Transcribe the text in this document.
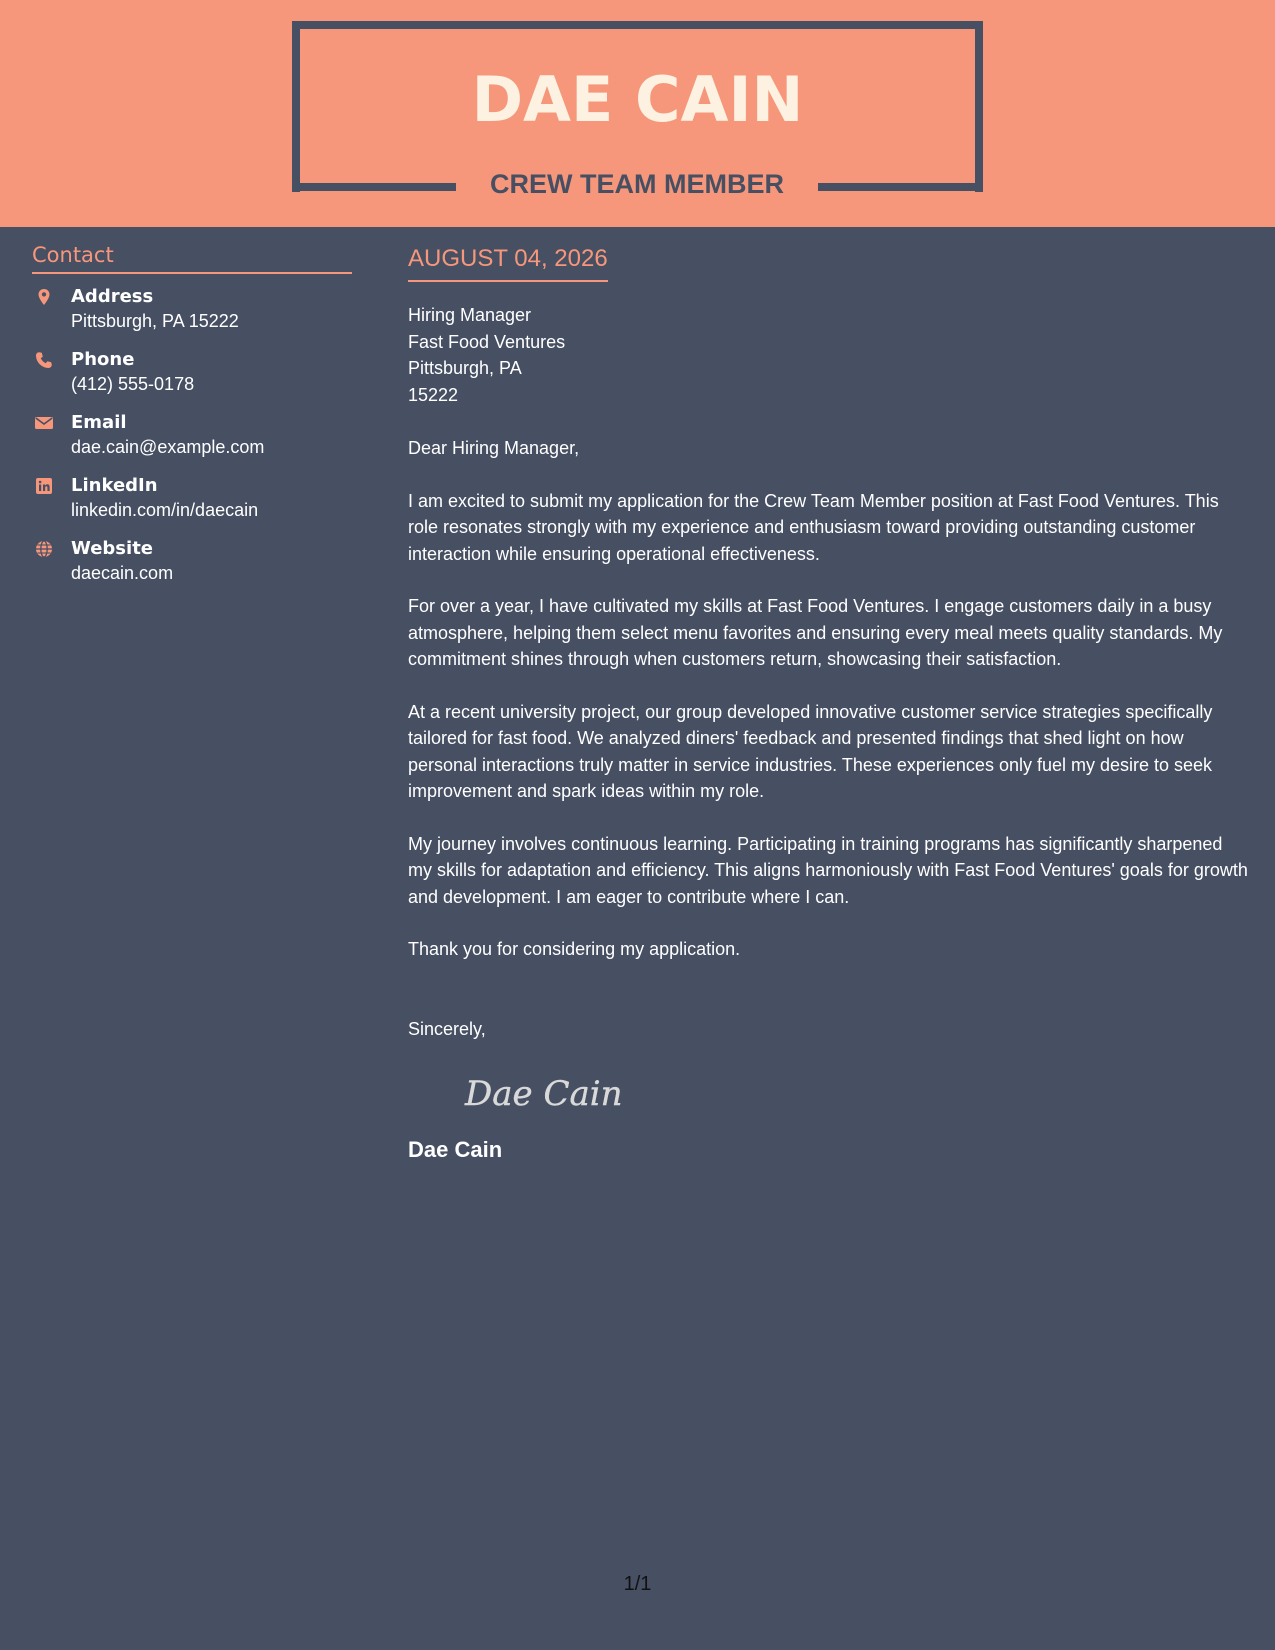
DAE CAIN
CREW TEAM MEMBER
Contact
Address
Pittsburgh, PA 15222
Phone
(412) 555-0178
Email
dae.cain@example.com
LinkedIn
linkedin.com/in/daecain
Website
daecain.com
AUGUST 04, 2026
Hiring Manager
Fast Food Ventures
Pittsburgh, PA
15222
Dear Hiring Manager,
I am excited to submit my application for the Crew Team Member position at Fast Food Ventures. This role resonates strongly with my experience and enthusiasm toward providing outstanding customer interaction while ensuring operational effectiveness.
For over a year, I have cultivated my skills at Fast Food Ventures. I engage customers daily in a busy atmosphere, helping them select menu favorites and ensuring every meal meets quality standards. My commitment shines through when customers return, showcasing their satisfaction.
At a recent university project, our group developed innovative customer service strategies specifically tailored for fast food. We analyzed diners' feedback and presented findings that shed light on how personal interactions truly matter in service industries. These experiences only fuel my desire to seek improvement and spark ideas within my role.
My journey involves continuous learning. Participating in training programs has significantly sharpened my skills for adaptation and efficiency. This aligns harmoniously with Fast Food Ventures' goals for growth and development. I am eager to contribute where I can.
Thank you for considering my application.
Sincerely,
Dae Cain
Dae Cain
1/1
